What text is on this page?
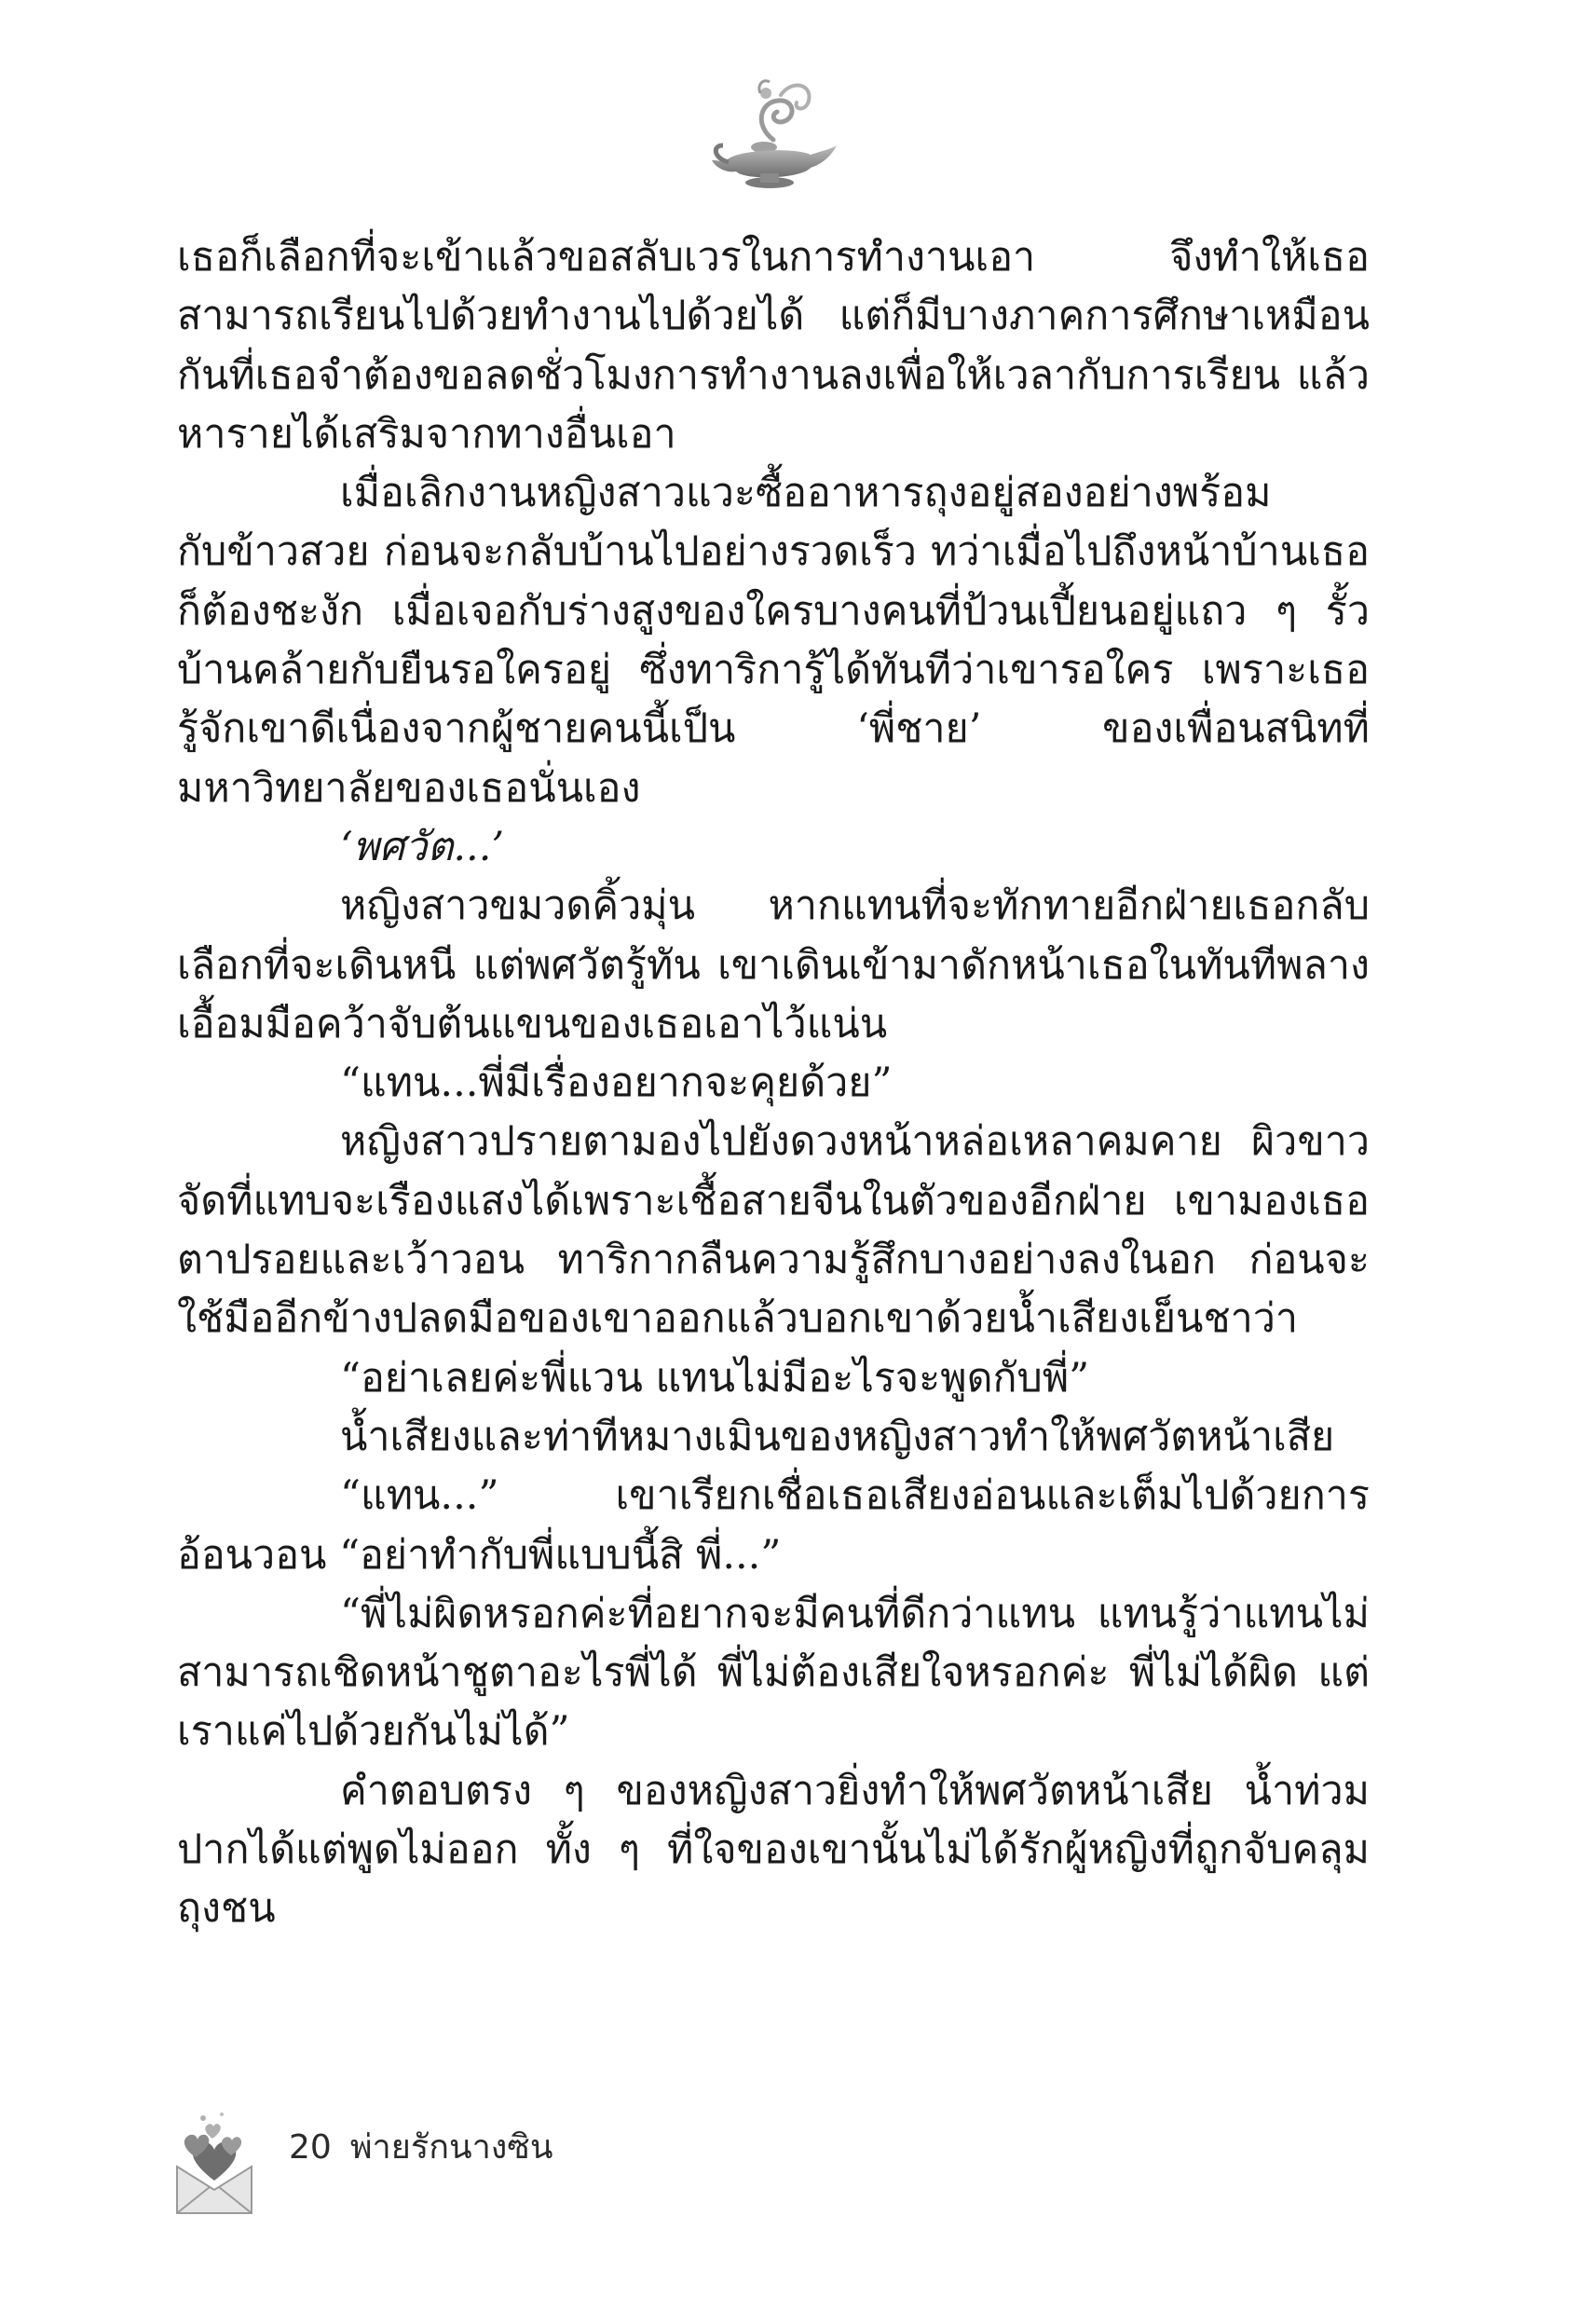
เธอก็เลือกที่จะเข้าแล้วขอสลับเวรในการทำงานเอา จึงทำให้เธอสามารถเรียนไปด้วยทำงานไปด้วยได้ แต่ก็มีบางภาคการศึกษาเหมือนกันที่เธอจำต้องขอลดชั่วโมงการทำงานลงเพื่อให้เวลากับการเรียน แล้วหารายได้เสริมจากทางอื่นเอา

เมื่อเลิกงานหญิงสาวแวะซื้ออาหารถุงอยู่สองอย่างพร้อมกับข้าวสวย ก่อนจะกลับบ้านไปอย่างรวดเร็ว ทว่าเมื่อไปถึงหน้าบ้านเธอก็ต้องชะงัก เมื่อเจอกับร่างสูงของใครบางคนที่ป้วนเปี้ยนอยู่แถว ๆ รั้วบ้านคล้ายกับยืนรอใครอยู่ ซึ่งทาริการู้ได้ทันทีว่าเขารอใคร เพราะเธอรู้จักเขาดีเนื่องจากผู้ชายคนนี้เป็น ‘พี่ชาย’ ของเพื่อนสนิทที่มหาวิทยาลัยของเธอนั่นเอง

‘พศวัต...’

หญิงสาวขมวดคิ้วมุ่น หากแทนที่จะทักทายอีกฝ่ายเธอกลับเลือกที่จะเดินหนี แต่พศวัตรู้ทัน เขาเดินเข้ามาดักหน้าเธอในทันทีพลางเอื้อมมือคว้าจับต้นแขนของเธอเอาไว้แน่น

“แทน...พี่มีเรื่องอยากจะคุยด้วย”

หญิงสาวปรายตามองไปยังดวงหน้าหล่อเหลาคมคาย ผิวขาวจัดที่แทบจะเรืองแสงได้เพราะเชื้อสายจีนในตัวของอีกฝ่าย เขามองเธอตาปรอยและเว้าวอน ทาริกากลืนความรู้สึกบางอย่างลงในอก ก่อนจะใช้มืออีกข้างปลดมือของเขาออกแล้วบอกเขาด้วยน้ำเสียงเย็นชาว่า

“อย่าเลยค่ะพี่แวน แทนไม่มีอะไรจะพูดกับพี่”

น้ำเสียงและท่าทีหมางเมินของหญิงสาวทำให้พศวัตหน้าเสีย

“แทน...” เขาเรียกเชื่อเธอเสียงอ่อนและเต็มไปด้วยการอ้อนวอน “อย่าทำกับพี่แบบนี้สิ พี่...”

“พี่ไม่ผิดหรอกค่ะที่อยากจะมีคนที่ดีกว่าแทน แทนรู้ว่าแทนไม่สามารถเชิดหน้าชูตาอะไรพี่ได้ พี่ไม่ต้องเสียใจหรอกค่ะ พี่ไม่ได้ผิด แต่เราแค่ไปด้วยกันไม่ได้”

คำตอบตรง ๆ ของหญิงสาวยิ่งทำให้พศวัตหน้าเสีย น้ำท่วมปากได้แต่พูดไม่ออก ทั้ง ๆ ที่ใจของเขานั้นไม่ได้รักผู้หญิงที่ถูกจับคลุมถุงชน

20 พ่ายรักนางซิน
